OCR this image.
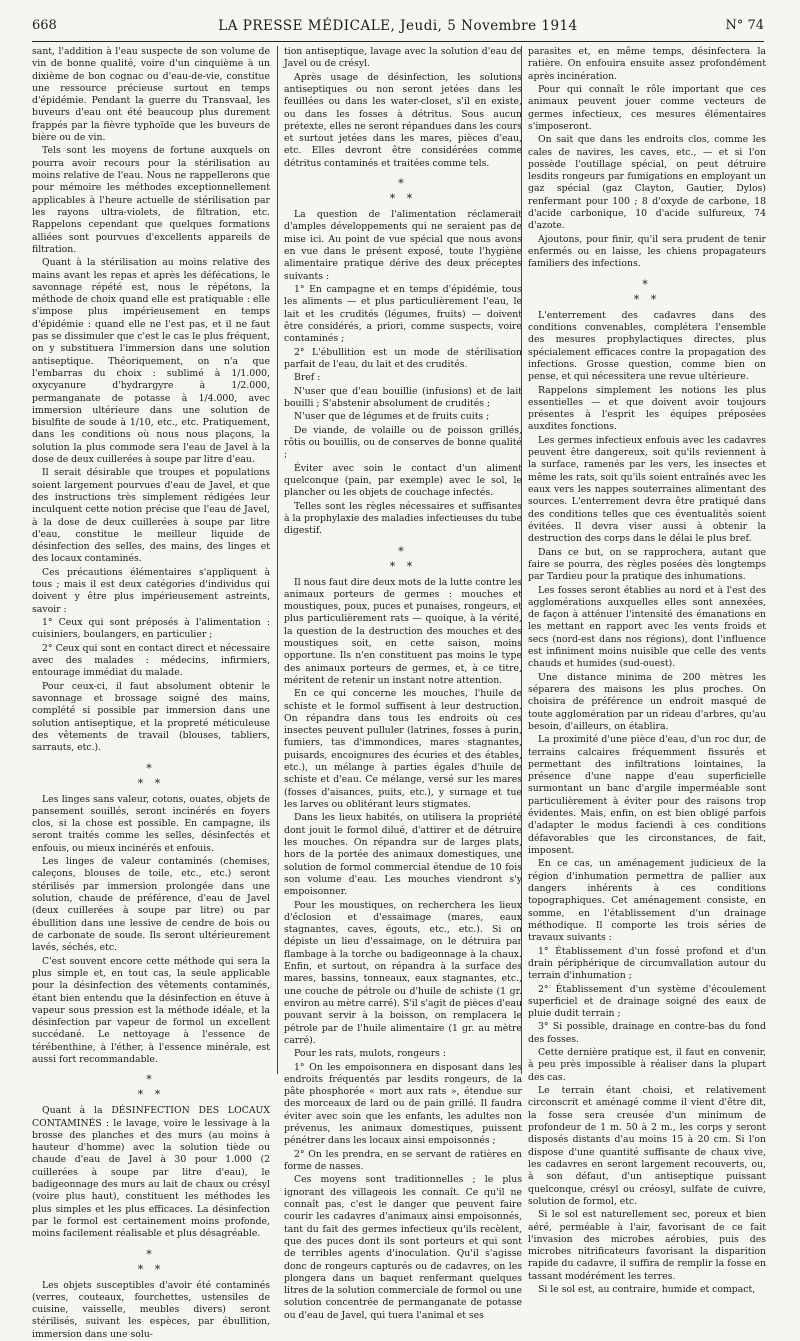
668	LA PRESSE MÉDICALE, Jeudi, 5 Novembre 1914	N° 74

sant, l'addition à l'eau suspecte de son volume de vin de bonne qualité, voire d'un cinquième à un dixième de bon cognac ou d'eau-de-vie, constitue une ressource précieuse surtout en temps d'épidémie. Pendant la guerre du Transvaal, les buveurs d'eau ont été beaucoup plus durement frappés par la fièvre typhoïde que les buveurs de bière ou de vin.

Tels sont les moyens de fortune auxquels on pourra avoir recours pour la stérilisation au moins relative de l'eau. Nous ne rappellerons que pour mémoire les méthodes exceptionnellement applicables à l'heure actuelle de stérilisation par les rayons ultra-violets, de filtration, etc. Rappelons cependant que quelques formations alliées sont pourvues d'excellents appareils de filtration.

Quant à la stérilisation au moins relative des mains avant les repas et après les défécations, le savonnage répété est, nous le répétons, la méthode de choix quand elle est pratiquable : elle s'impose plus impérieusement en temps d'épidémie : quand elle ne l'est pas, et il ne faut pas se dissimuler que c'est le cas le plus fréquent, on y substituera l'immersion dans une solution antiseptique. Théoriquement, on n'a que l'embarras du choix : sublimé à 1/1.000, oxycyanure d'hydrargyre à 1/2.000, permanganate de potasse à 1/4.000, avec immersion ultérieure dans une solution de bisulfite de soude à 1/10, etc., etc. Pratiquement, dans les conditions où nous nous plaçons, la solution la plus commode sera l'eau de Javel à la dose de deux cuillerées à soupe par litre d'eau.

Il serait désirable que troupes et populations soient largement pourvues d'eau de Javel, et que des instructions très simplement rédigées leur inculquent cette notion précise que l'eau de Javel, à la dose de deux cuillerées à soupe par litre d'eau, constitue le meilleur liquide de désinfection des selles, des mains, des linges et des locaux contaminés.

Ces précautions élémentaires s'appliquent à tous ; mais il est deux catégories d'individus qui doivent y être plus impérieusement astreints, savoir :

1° Ceux qui sont préposés à l'alimentation : cuisiniers, boulangers, en particulier ;

2° Ceux qui sont en contact direct et nécessaire avec des malades : médecins, infirmiers, entourage immédiat du malade.

Pour ceux-ci, il faut absolument obtenir le savonnage et brossage soigné des mains, complété si possible par immersion dans une solution antiseptique, et la propreté méticuleuse des vêtements de travail (blouses, tabliers, sarrauts, etc.).

*
* *

Les linges sans valeur, cotons, ouates, objets de pansement souillés, seront incinérés en foyers clos, si la chose est possible. En campagne, ils seront traités comme les selles, désinfectés et enfouis, ou mieux incinérés et enfouis.

Les linges de valeur contaminés (chemises, caleçons, blouses de toile, etc., etc.) seront stérilisés par immersion prolongée dans une solution, chaude de préférence, d'eau de Javel (deux cuillerées à soupe par litre) ou par ébullition dans une lessive de cendre de bois ou de carbonate de soude. Ils seront ultérieurement lavés, séchés, etc.

C'est souvent encore cette méthode qui sera la plus simple et, en tout cas, la seule applicable pour la désinfection des vêtements contaminés, étant bien entendu que la désinfection en étuve à vapeur sous pression est la méthode idéale, et la désinfection par vapeur de formol un excellent succédané. Le nettoyage à l'essence de térébenthine, à l'éther, à l'essence minérale, est aussi fort recommandable.

*
* *

Quant à la DÉSINFECTION DES LOCAUX CONTAMINÉS : le lavage, voire le lessivage à la brosse des planches et des murs (au moins à hauteur d'homme) avec la solution tiède ou chaude d'eau de Javel à 30 pour 1.000 (2 cuillerées à soupe par litre d'eau), le badigeonnage des murs au lait de chaux ou crésyl (voire plus haut), constituent les méthodes les plus simples et les plus efficaces. La désinfection par le formol est certainement moins profonde, moins facilement réalisable et plus désagréable.

*
* *

Les objets susceptibles d'avoir été contaminés (verres, couteaux, fourchettes, ustensiles de cuisine, vaisselle, meubles divers) seront stérilisés, suivant les espèces, par ébullition, immersion dans une solu-

tion antiseptique, lavage avec la solution d'eau de Javel ou de crésyl.

Après usage de désinfection, les solutions antiseptiques ou non seront jetées dans les feuillées ou dans les water-closet, s'il en existe, ou dans les fosses à détritus. Sous aucun prétexte, elles ne seront répandues dans les cours et surtout jetées dans les mares, pièces d'eau, etc. Elles devront être considérées comme détritus contaminés et traitées comme tels.

*
* *

La question de l'alimentation réclamerait d'amples développements qui ne seraient pas de mise ici. Au point de vue spécial que nous avons en vue dans le présent exposé, toute l'hygiène alimentaire pratique dérive des deux préceptes suivants :

1° En campagne et en temps d'épidémie, tous les aliments — et plus particulièrement l'eau, le lait et les crudités (légumes, fruits) — doivent être considérés, a priori, comme suspects, voire contaminés ;

2° L'ébullition est un mode de stérilisation parfait de l'eau, du lait et des crudités.

Bref :

N'user que d'eau bouillie (infusions) et de lait bouilli ; S'abstenir absolument de crudités ;

N'user que de légumes et de fruits cuits ;

De viande, de volaille ou de poisson grillés, rôtis ou bouillis, ou de conserves de bonne qualité ;

Éviter avec soin le contact d'un aliment quelconque (pain, par exemple) avec le sol, le plancher ou les objets de couchage infectés.

Telles sont les règles nécessaires et suffisantes à la prophylaxie des maladies infectieuses du tube digestif.

*
* *

Il nous faut dire deux mots de la lutte contre les animaux porteurs de germes : mouches et moustiques, poux, puces et punaises, rongeurs, et plus particulièrement rats — quoique, à la vérité, la question de la destruction des mouches et des moustiques soit, en cette saison, moins opportune. Ils n'en constituent pas moins le type des animaux porteurs de germes, et, à ce titre, méritent de retenir un instant notre attention.

En ce qui concerne les mouches, l'huile de schiste et le formol suffisent à leur destruction. On répandra dans tous les endroits où ces insectes peuvent pulluler (latrines, fosses à purin, fumiers, tas d'immondices, mares stagnantes, puisards, encoignures des écuries et des étables, etc.), un mélange à parties égales d'huile de schiste et d'eau. Ce mélange, versé sur les mares (fosses d'aisances, puits, etc.), y surnage et tue les larves ou oblitérant leurs stigmates.

Dans les lieux habités, on utilisera la propriété dont jouit le formol dilué, d'attirer et de détruire les mouches. On répandra sur de larges plats, hors de la portée des animaux domestiques, une solution de formol commercial étendue de 10 fois son volume d'eau. Les mouches viendront s'y empoisonner.

Pour les moustiques, on recherchera les lieux d'éclosion et d'essaimage (mares, eaux stagnantes, caves, égouts, etc., etc.). Si on dépiste un lieu d'essaimage, on le détruira par flambage à la torche ou badigeonnage à la chaux. Enfin, et surtout, on répandra à la surface des mares, bassins, tonneaux, eaux stagnantes, etc., une couche de pétrole ou d'huile de schiste (1 gr. environ au mètre carré). S'il s'agit de pièces d'eau pouvant servir à la boisson, on remplacera le pétrole par de l'huile alimentaire (1 gr. au mètre carré).

Pour les rats, mulots, rongeurs :

1° On les empoisonnera en disposant dans les endroits fréquentés par lesdits rongeurs, de la pâte phosphorée « mort aux rats », étendue sur des morceaux de lard ou de pain grillé. Il faudra éviter avec soin que les enfants, les adultes non prévenus, les animaux domestiques, puissent pénétrer dans les locaux ainsi empoisonnés ;

2° On les prendra, en se servant de ratières en forme de nasses.

Ces moyens sont traditionnelles ; le plus ignorant des villageois les connaît. Ce qu'il ne connaît pas, c'est le danger que peuvent faire courir les cadavres d'animaux ainsi empoisonnés, tant du fait des germes infectieux qu'ils recèlent, que des puces dont ils sont porteurs et qui sont de terribles agents d'inoculation. Qu'il s'agisse donc de rongeurs capturés ou de cadavres, on les plongera dans un baquet renfermant quelques litres de la solution commerciale de formol ou une solution concentrée de permanganate de potasse ou d'eau de Javel, qui tuera l'animal et ses

parasites et, en même temps, désinfectera la ratière. On enfouira ensuite assez profondément après incinération.

Pour qui connaît le rôle important que ces animaux peuvent jouer comme vecteurs de germes infectieux, ces mesures élémentaires s'imposeront.

On sait que dans les endroits clos, comme les cales de navires, les caves, etc., — et si l'on possède l'outillage spécial, on peut détruire lesdits rongeurs par fumigations en employant un gaz spécial (gaz Clayton, Gautier, Dylos) renfermant pour 100 ; 8 d'oxyde de carbone, 18 d'acide carbonique, 10 d'acide sulfureux, 74 d'azote.

Ajoutons, pour finir, qu'il sera prudent de tenir enfermés ou en laisse, les chiens propagateurs familiers des infections.

*
* *

L'enterrement des cadavres dans des conditions convenables, complétera l'ensemble des mesures prophylactiques directes, plus spécialement efficaces contre la propagation des infections. Grosse question, comme bien on pense, et qui nécessitera une revue ultérieure.

Rappelons simplement les notions les plus essentielles — et que doivent avoir toujours présentes à l'esprit les équipes préposées auxdites fonctions.

Les germes infectieux enfouis avec les cadavres peuvent être dangereux, soit qu'ils reviennent à la surface, ramenés par les vers, les insectes et même les rats, soit qu'ils soient entraînés avec les eaux vers les nappes souterraines alimentant des sources. L'enterrement devra être pratiqué dans des conditions telles que ces éventualités soient évitées. Il devra viser aussi à obtenir la destruction des corps dans le délai le plus bref.

Dans ce but, on se rapprochera, autant que faire se pourra, des règles posées dès longtemps par Tardieu pour la pratique des inhumations.

Les fosses seront établies au nord et à l'est des agglomérations auxquelles elles sont annexées, de façon à atténuer l'intensité des émanations en les mettant en rapport avec les vents froids et secs (nord-est dans nos régions), dont l'influence est infiniment moins nuisible que celle des vents chauds et humides (sud-ouest).

Une distance minima de 200 mètres les séparera des maisons les plus proches. On choisira de préférence un endroit masqué de toute agglomération par un rideau d'arbres, qu'au besoin, d'ailleurs, on établira.

La proximité d'une pièce d'eau, d'un roc dur, de terrains calcaires fréquemment fissurés et permettant des infiltrations lointaines, la présence d'une nappe d'eau superficielle surmontant un banc d'argile imperméable sont particulièrement à éviter pour des raisons trop évidentes. Mais, enfin, on est bien obligé parfois d'adapter le modus faciendi à ces conditions défavorables que les circonstances, de fait, imposent.

En ce cas, un aménagement judicieux de la région d'inhumation permettra de pallier aux dangers inhérents à ces conditions topographiques. Cet aménagement consiste, en somme, en l'établissement d'un drainage méthodique. Il comporte les trois séries de travaux suivants :

1° Établissement d'un fossé profond et d'un drain périphérique de circumvallation autour du terrain d'inhumation ;

2° Établissement d'un système d'écoulement superficiel et de drainage soigné des eaux de pluie dudit terrain ;

3° Si possible, drainage en contre-bas du fond des fosses.

Cette dernière pratique est, il faut en convenir, à peu près impossible à réaliser dans la plupart des cas.

Le terrain étant choisi, et relativement circonscrit et aménagé comme il vient d'être dit, la fosse sera creusée d'un minimum de profondeur de 1 m. 50 à 2 m., les corps y seront disposés distants d'au moins 15 à 20 cm. Si l'on dispose d'une quantité suffisante de chaux vive, les cadavres en seront largement recouverts, ou, à son défaut, d'un antiseptique puissant quelconque, crésyl ou créosyl, sulfate de cuivre, solution de formol, etc.

Si le sol est naturellement sec, poreux et bien aéré, perméable à l'air, favorisant de ce fait l'invasion des microbes aérobies, puis des microbes nitrificateurs favorisant la disparition rapide du cadavre, il suffira de remplir la fosse en tassant modérément les terres.

Si le sol est, au contraire, humide et compact,
